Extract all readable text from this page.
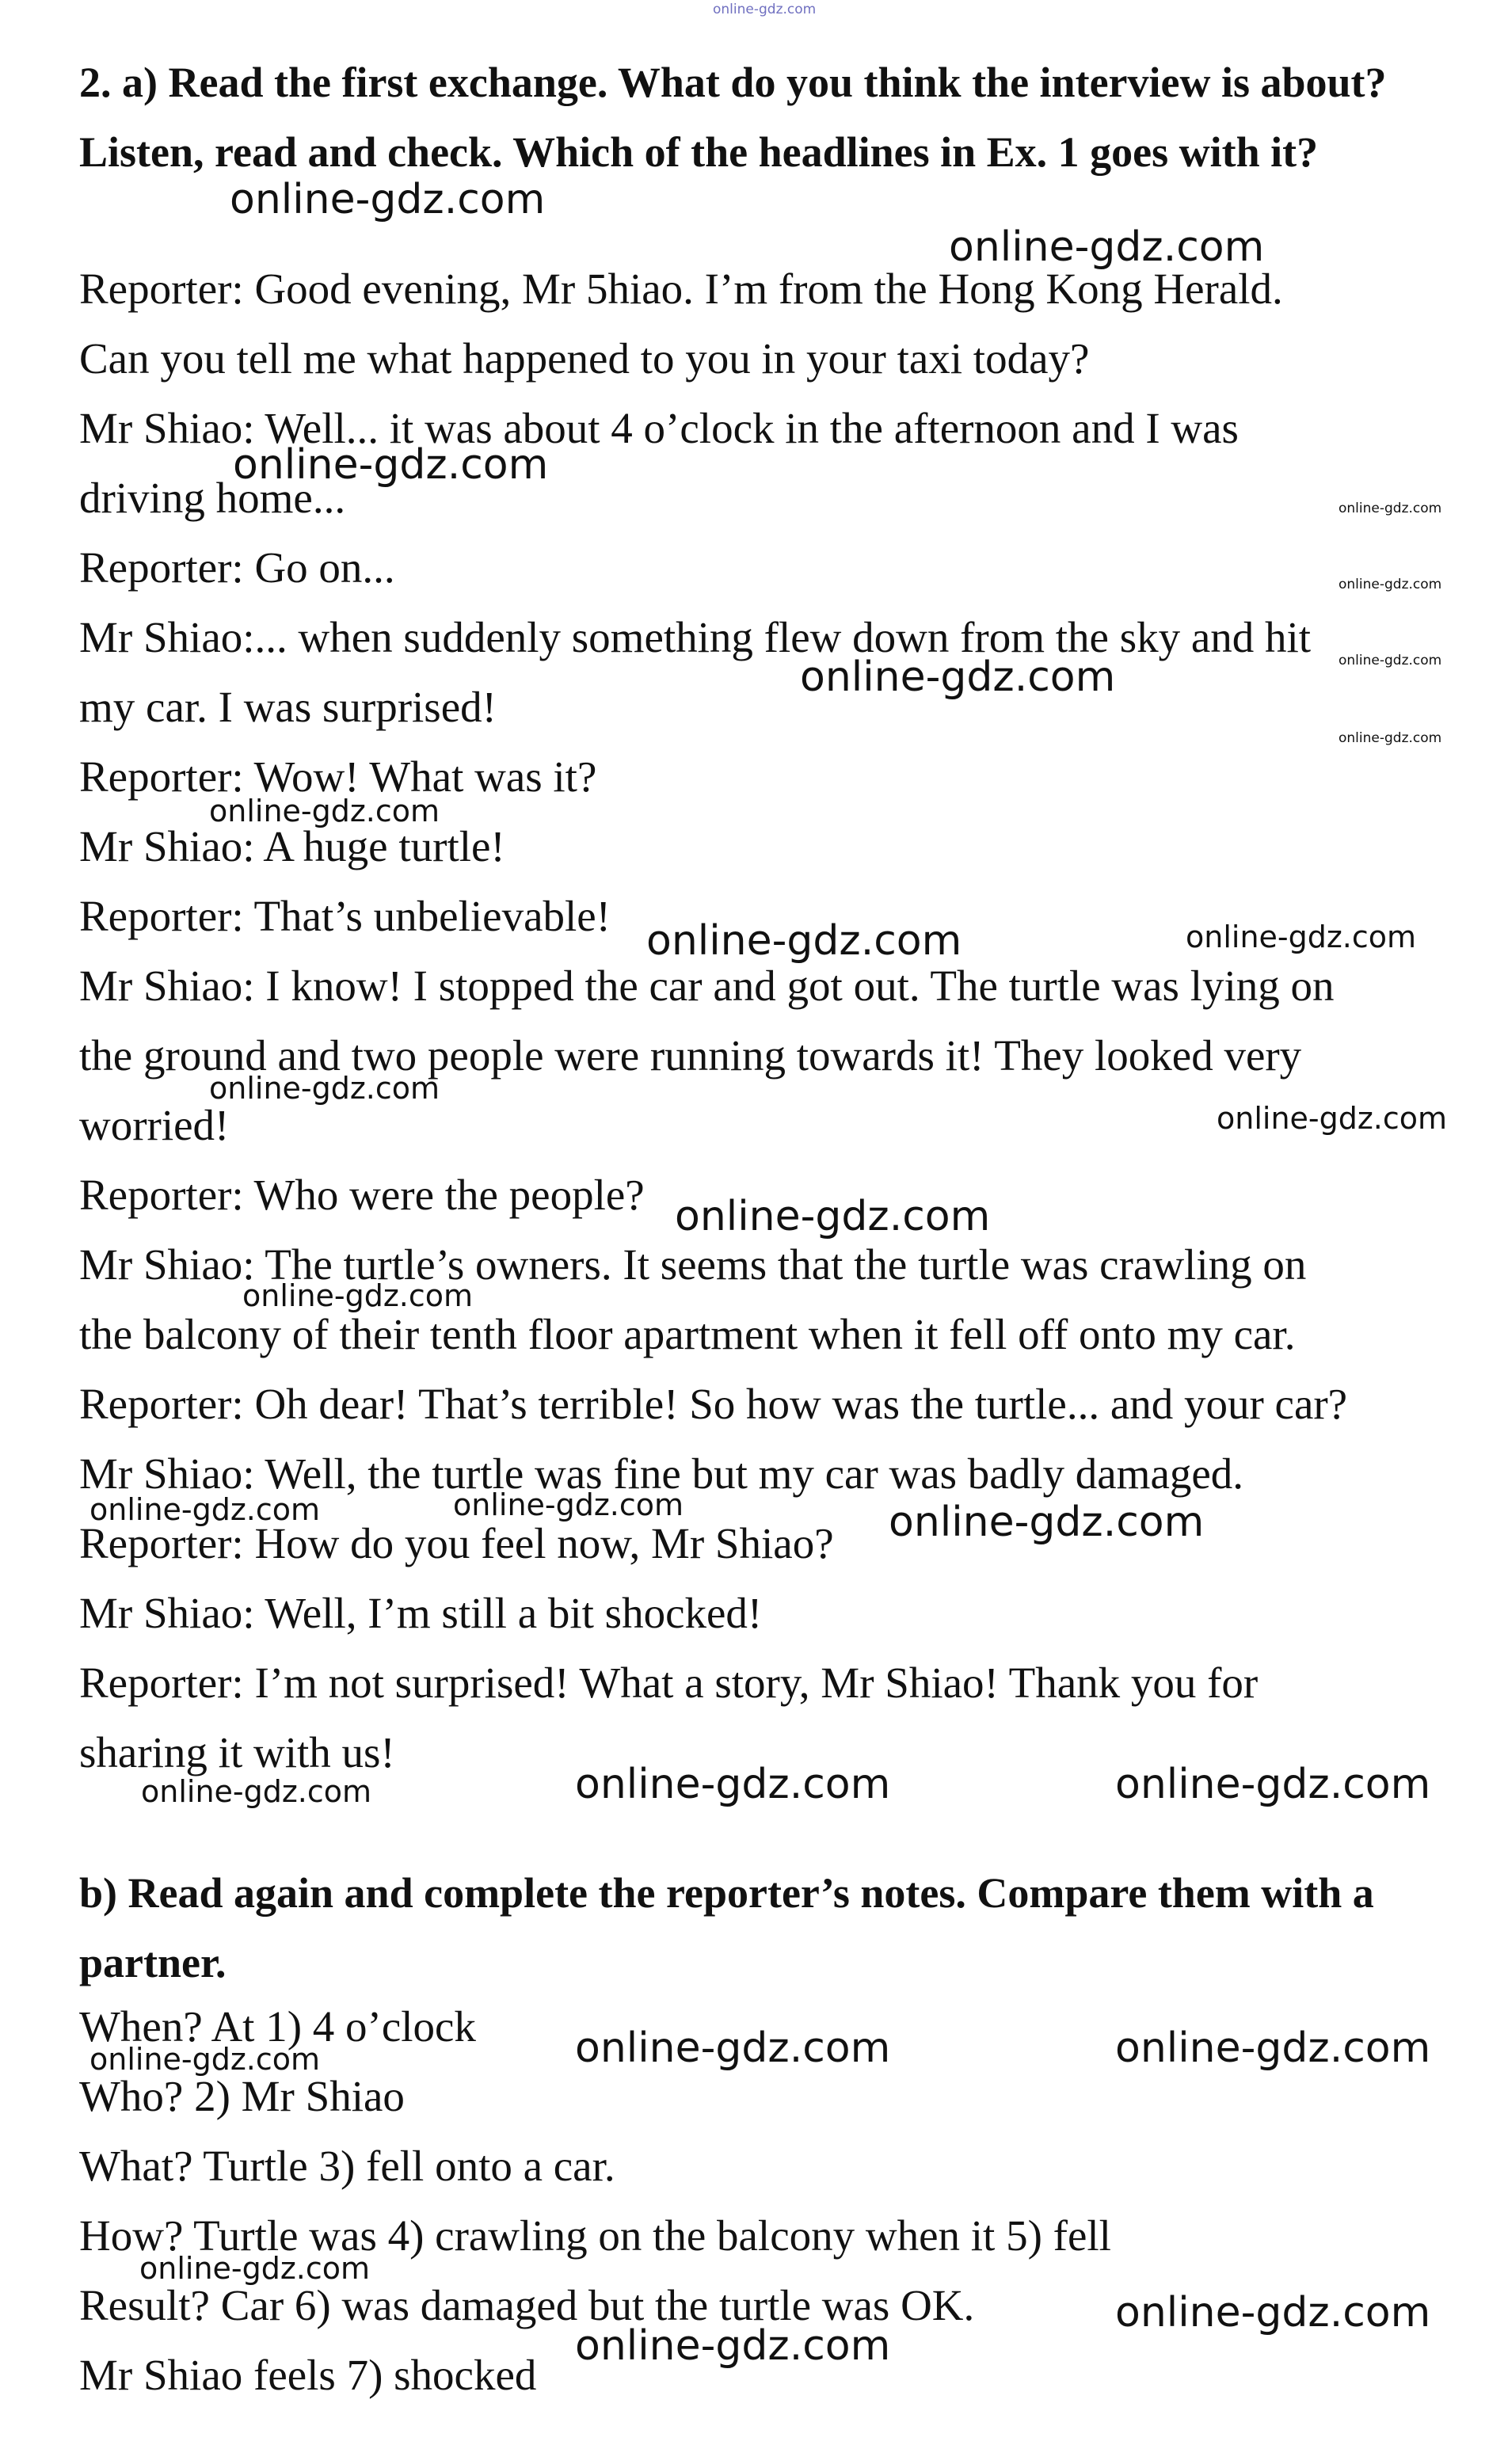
online-gdz.com
2. a) Read the first exchange. What do you think the interview is about? Listen, read and check. Which of the headlines in Ex. 1 goes with it?
Reporter: Good evening, Mr 5hiao. I’m from the Hong Kong Herald.
Can you tell me what happened to you in your taxi today?
Mr Shiao: Well... it was about 4 o’clock in the afternoon and I was
driving home...
Reporter: Go on...
Mr Shiao:... when suddenly something flew down from the sky and hit
my car. I was surprised!
Reporter: Wow! What was it?
Mr Shiao: A huge turtle!
Reporter: That’s unbelievable!
Mr Shiao: I know! I stopped the car and got out. The turtle was lying on
the ground and two people were running towards it! They looked very
worried!
Reporter: Who were the people?
Mr Shiao: The turtle’s owners. It seems that the turtle was crawling on
the balcony of their tenth floor apartment when it fell off onto my car.
Reporter: Oh dear! That’s terrible! So how was the turtle... and your car?
Mr Shiao: Well, the turtle was fine but my car was badly damaged.
Reporter: How do you feel now, Mr Shiao?
Mr Shiao: Well, I’m still a bit shocked!
Reporter: I’m not surprised! What a story, Mr Shiao! Thank you for
sharing it with us!
b) Read again and complete the reporter’s notes. Compare them with a partner.
When? At 1) 4 o’clock
Who? 2) Mr Shiao
What? Turtle 3) fell onto a car.
How? Turtle was 4) crawling on the balcony when it 5) fell
Result? Car 6) was damaged but the turtle was OK.
Mr Shiao feels 7) shocked
online-gdz.com
online-gdz.com
online-gdz.com
online-gdz.com
online-gdz.com
online-gdz.com
online-gdz.com
online-gdz.com
online-gdz.com
online-gdz.com	online-gdz.com
online-gdz.com
online-gdz.com
online-gdz.com
online-gdz.com
online-gdz.com	online-gdz.com	online-gdz.com
online-gdz.com	online-gdz.com	online-gdz.com
online-gdz.com	online-gdz.com	online-gdz.com
online-gdz.com
online-gdz.com
online-gdz.com
